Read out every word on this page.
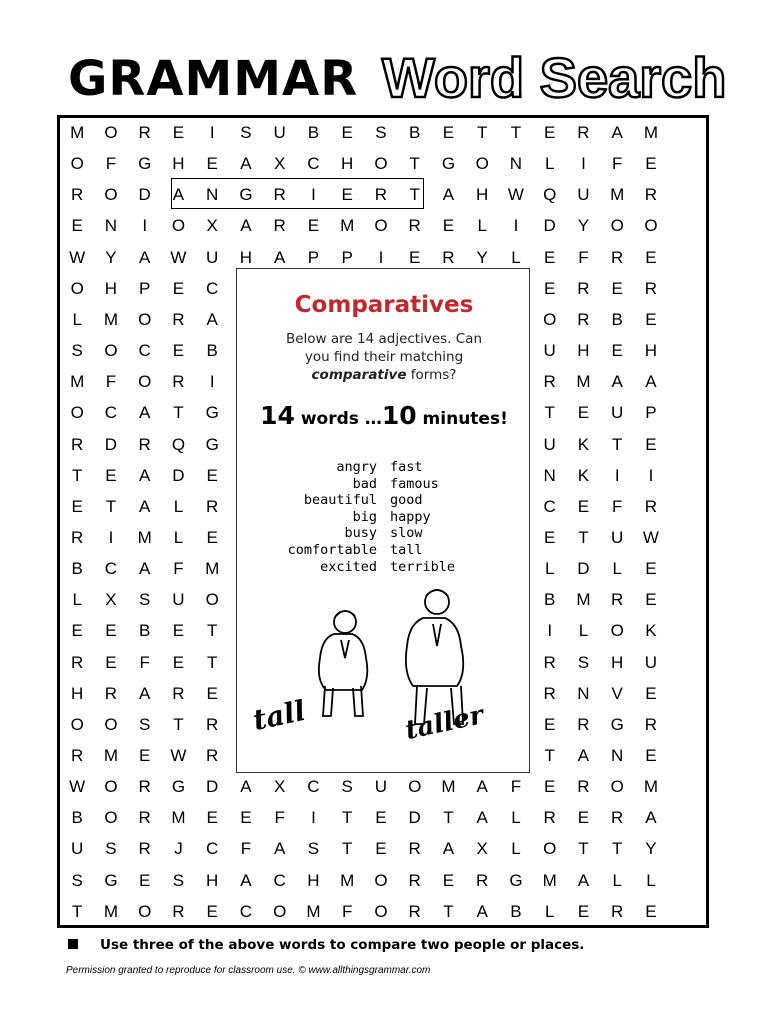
GRAMMAR Word Search
M	O	R	E	I	S	U	B	E	S	B	E	T	T	E	R	A	M
O	F	G	H	E	A	X	C	H	O	T	G	O	N	L	I	F	E
R	O	D	A	N	G	R	I	E	R	T	A	H	W	Q	U	M	R
E	N	I	O	X	A	R	E	M	O	R	E	L	I	D	Y	O	O
W	Y	A	W	U	H	A	P	P	I	E	R	Y	L	E	F	R	E
O	H	P	E	C	E	R	E	R
L	M	O	R	A	O	R	B	E
S	O	C	E	B	U	H	E	H
M	F	O	R	I	R	M	A	A
O	C	A	T	G	T	E	U	P
R	D	R	Q	G	U	K	T	E
T	E	A	D	E	N	K	I	I
E	T	A	L	R	C	E	F	R
R	I	M	L	E	E	T	U	W
B	C	A	F	M	L	D	L	E
L	X	S	U	O	B	M	R	E
E	E	B	E	T	I	L	O	K
R	E	F	E	T	R	S	H	U
H	R	A	R	E	R	N	V	E
O	O	S	T	R	E	R	G	R
R	M	E	W	R	T	A	N	E
W	O	R	G	D	A	X	C	S	U	O	M	A	F	E	R	O	M
B	O	R	M	E	E	F	I	T	E	D	T	A	L	R	E	R	A
U	S	R	J	C	F	A	S	T	E	R	A	X	L	O	T	T	Y
S	G	E	S	H	A	C	H	M	O	R	E	R	G	M	A	L	L
T	M	O	R	E	C	O	M	F	O	R	T	A	B	L	E	R	E
Comparatives
Below are 14 adjectives. Can
you find their matching
comparative forms?
14 words …10 minutes!
angry
bad
beautiful
big
busy
comfortable
excited
fast
famous
good
happy
slow
tall
terrible
tall	taller
Use three of the above words to compare two people or places.
Permission granted to reproduce for classroom use. © www.allthingsgrammar.com
